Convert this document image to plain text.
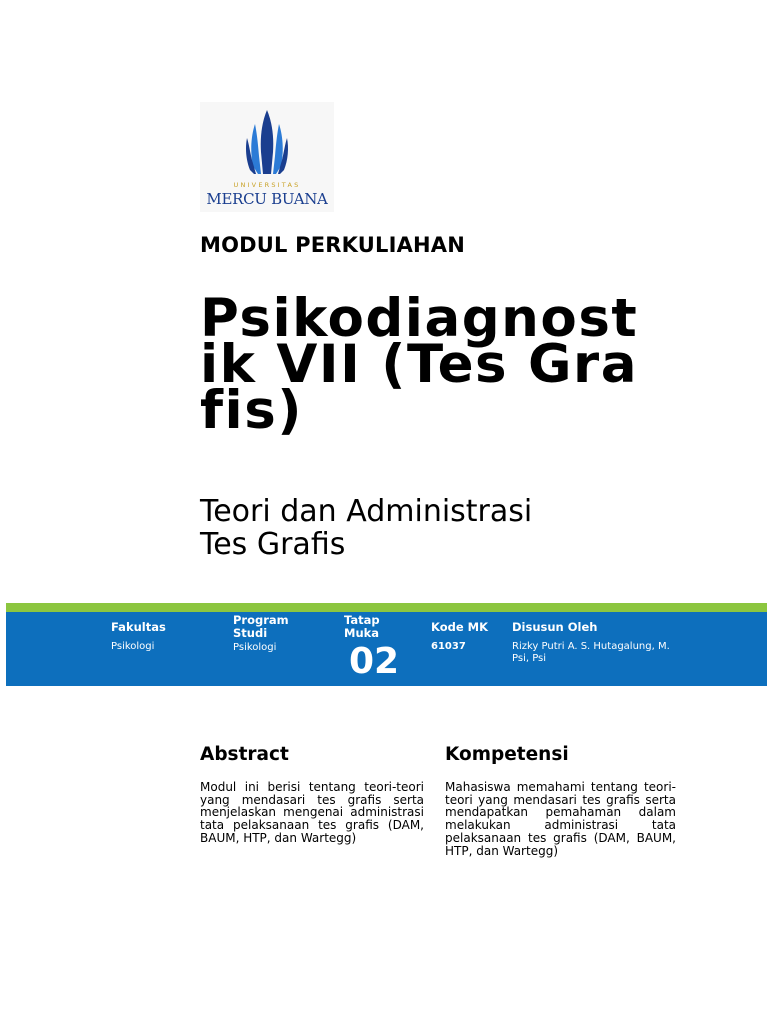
UNIVERSITAS
MERCU BUANA
MODUL PERKULIAHAN
Psikodiagnostik VII (Tes Grafis)
Teori dan Administrasi
Tes Grafis
Fakultas
Psikologi
Program
Studi
Psikologi
Tatap
Muka
02
Kode MK
61037
Disusun Oleh
Rizky Putri A. S. Hutagalung, M.
Psi, Psi
Abstract
Modul ini berisi tentang teori-teori yang mendasari tes grafis serta menjelaskan mengenai administrasi tata pelaksanaan tes grafis (DAM, BAUM, HTP, dan Wartegg)
Kompetensi
Mahasiswa memahami tentang teori-teori yang mendasari tes grafis serta mendapatkan pemahaman dalam melakukan administrasi tata pelaksanaan tes grafis (DAM, BAUM, HTP, dan Wartegg)
